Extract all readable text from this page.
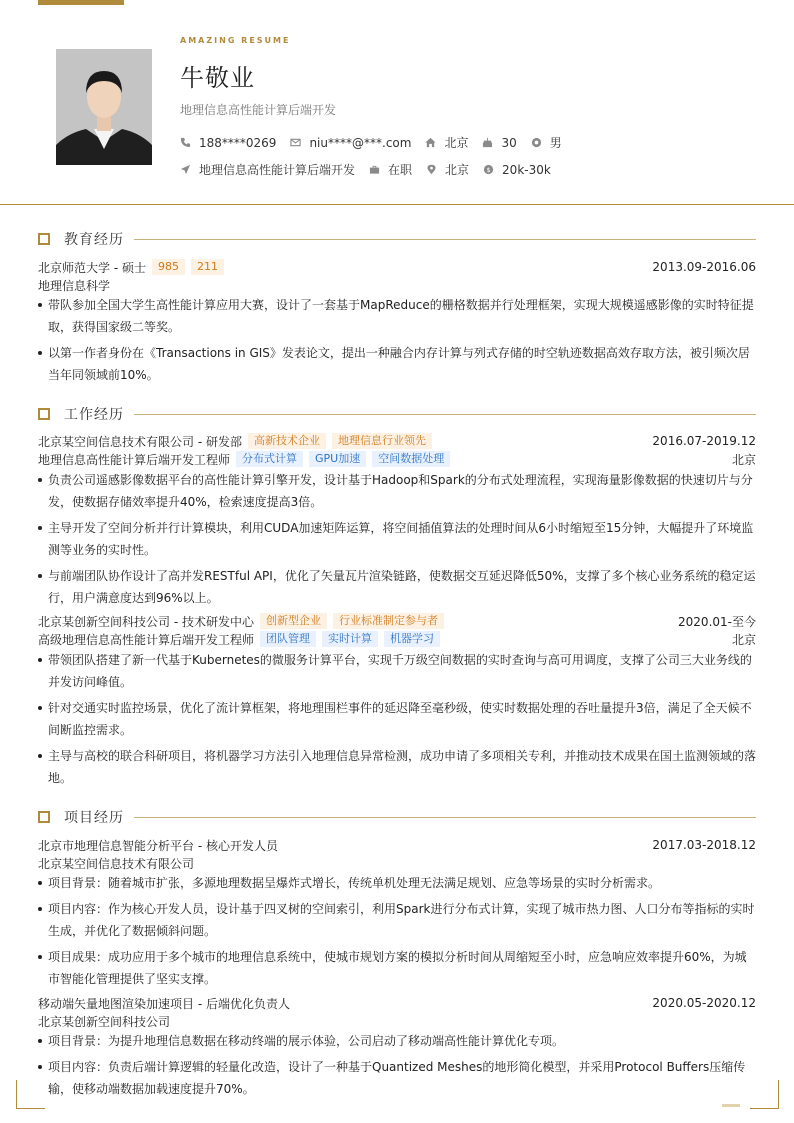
AMAZING RESUME
牛敬业
地理信息高性能计算后端开发
188****0269	niu****@***.com	北京	30	男
地理信息高性能计算后端开发	在职	北京 $ 20k-30k
教育经历
北京师范大学 - 硕士	985	211	2013.09-2016.06
地理信息科学
带队参加全国大学生高性能计算应用大赛，设计了一套基于MapReduce的栅格数据并行处理框架，实现大规模遥感影像的实时特征提取，获得国家级二等奖。
以第一作者身份在《Transactions in GIS》发表论文，提出一种融合内存计算与列式存储的时空轨迹数据高效存取方法，被引频次居当年同领域前10%。
工作经历
北京某空间信息技术有限公司 - 研发部	高新技术企业	地理信息行业领先	2016.07-2019.12
地理信息高性能计算后端开发工程师	分布式计算	GPU加速	空间数据处理	北京
负责公司遥感影像数据平台的高性能计算引擎开发，设计基于Hadoop和Spark的分布式处理流程，实现海量影像数据的快速切片与分发，使数据存储效率提升40%，检索速度提高3倍。
主导开发了空间分析并行计算模块，利用CUDA加速矩阵运算，将空间插值算法的处理时间从6小时缩短至15分钟，大幅提升了环境监测等业务的实时性。
与前端团队协作设计了高并发RESTful API，优化了矢量瓦片渲染链路，使数据交互延迟降低50%，支撑了多个核心业务系统的稳定运行，用户满意度达到96%以上。
北京某创新空间科技公司 - 技术研发中心	创新型企业	行业标准制定参与者	2020.01-至今
高级地理信息高性能计算后端开发工程师	团队管理	实时计算	机器学习	北京
带领团队搭建了新一代基于Kubernetes的微服务计算平台，实现千万级空间数据的实时查询与高可用调度，支撑了公司三大业务线的并发访问峰值。
针对交通实时监控场景，优化了流计算框架，将地理围栏事件的延迟降至毫秒级，使实时数据处理的吞吐量提升3倍，满足了全天候不间断监控需求。
主导与高校的联合科研项目，将机器学习方法引入地理信息异常检测，成功申请了多项相关专利，并推动技术成果在国土监测领域的落地。
项目经历
北京市地理信息智能分析平台 - 核心开发人员	2017.03-2018.12
北京某空间信息技术有限公司
项目背景：随着城市扩张，多源地理数据呈爆炸式增长，传统单机处理无法满足规划、应急等场景的实时分析需求。
项目内容：作为核心开发人员，设计基于四叉树的空间索引，利用Spark进行分布式计算，实现了城市热力图、人口分布等指标的实时生成，并优化了数据倾斜问题。
项目成果：成功应用于多个城市的地理信息系统中，使城市规划方案的模拟分析时间从周缩短至小时，应急响应效率提升60%，为城市智能化管理提供了坚实支撑。
移动端矢量地图渲染加速项目 - 后端优化负责人	2020.05-2020.12
北京某创新空间科技公司
项目背景：为提升地理信息数据在移动终端的展示体验，公司启动了移动端高性能计算优化专项。
项目内容：负责后端计算逻辑的轻量化改造，设计了一种基于Quantized Meshes的地形简化模型，并采用Protocol Buffers压缩传输，使移动端数据加载速度提升70%。
